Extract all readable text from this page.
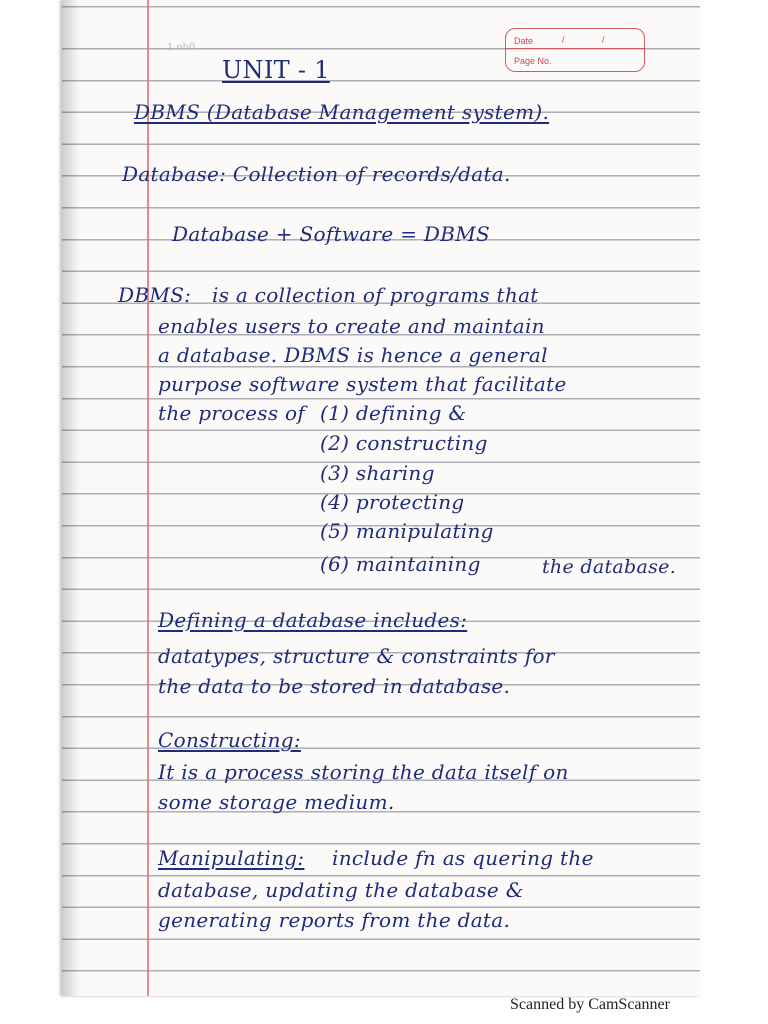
1 ob0
Date	/	/
Page No.
UNIT - 1
DBMS (Database Management system).
Database: Collection of records/data.
Database + Software = DBMS
DBMS: is a collection of programs that
enables users to create and maintain
a database. DBMS is hence a general
purpose software system that facilitate
the process of (1) defining &
(2) constructing
(3) sharing
(4) protecting
(5) manipulating
(6) maintaining	the database.
Defining a database includes:
datatypes, structure & constraints for
the data to be stored in database.
Constructing:
It is a process storing the data itself on
some storage medium.
Manipulating: include fn as quering the
database, updating the database &
generating reports from the data.
Scanned by CamScanner
